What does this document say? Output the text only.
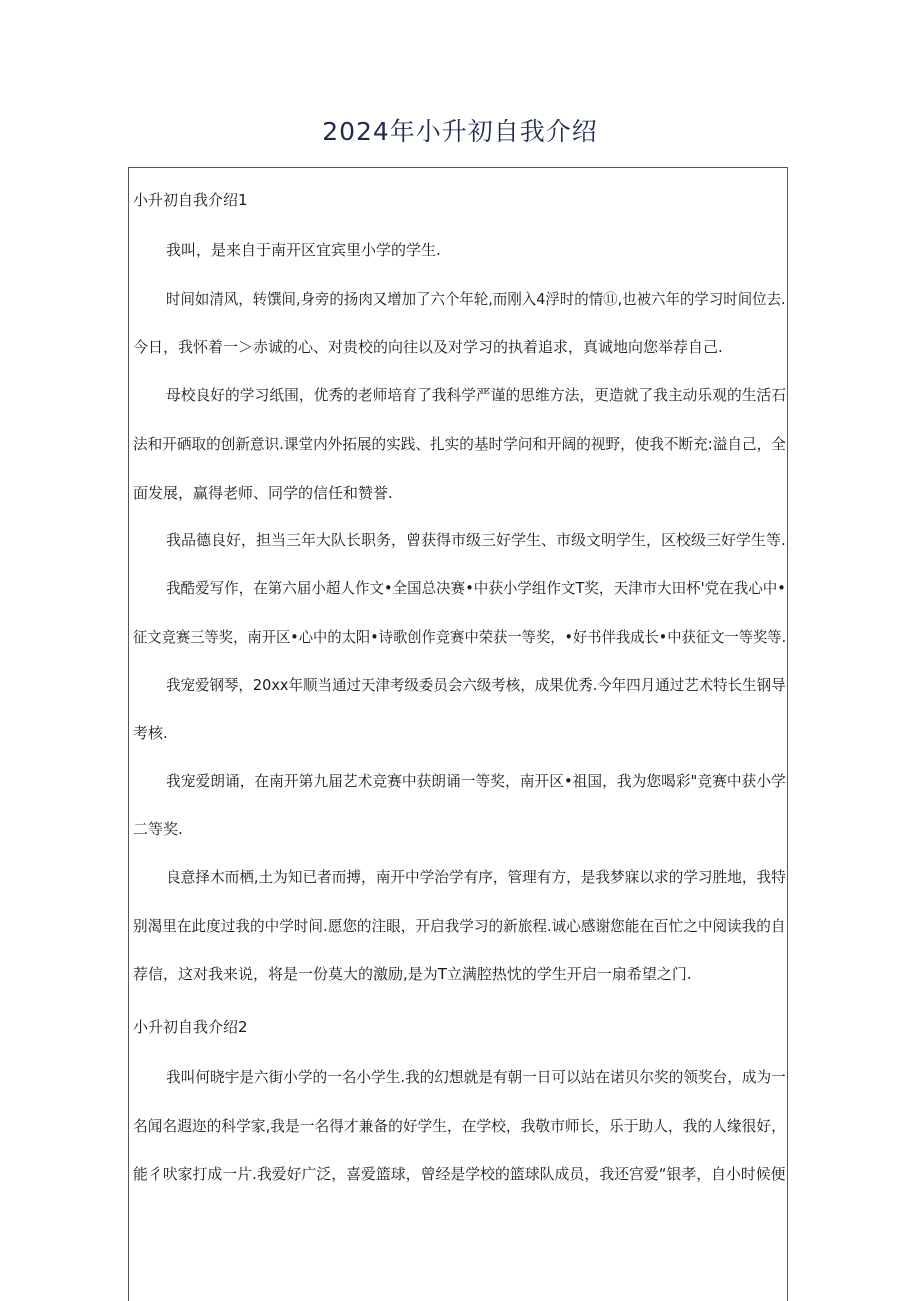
2024年小升初自我介绍
小升初自我介绍1
我叫，是来自于南开区宜宾里小学的学生.
时间如清风，转馔间,身旁的扬肉又增加了六个年轮,而刚入4浮时的情⑪,也被六年的学习时间位去.
今日，我怀着一＞赤诚的心、对贵校的向往以及对学习的执着追求，真诚地向您举荐自己.
母校良好的学习纸围，优秀的老师培育了我科学严谨的思维方法，更造就了我主动乐观的生活石
法和开硒取的创新意识.课堂内外拓展的实践、扎实的基时学问和开阔的视野，使我不断充:溢自己，全
面发展，赢得老师、同学的信任和赞誉.
我品德良好，担当三年大队长职务，曾获得市级三好学生、市级文明学生，区校级三好学生等.
我酷爱写作，在第六届小超人作文•全国总决赛•中获小学组作文T奖，天津市大田杯'党在我心中•
征文竞赛三等奖，南开区•心中的太阳•诗歌创作竞赛中荣获一等奖，•好书伴我成长•中获征文一等奖等.
我宠爱钢琴，20xx年顺当通过天津考级委员会六级考核，成果优秀.今年四月通过艺术特长生钢导
考核.
我宠爱朗诵，在南开第九届艺术竞赛中获朗诵一等奖，南开区•祖国，我为您喝彩"竞赛中获小学
二等奖.
良意择木而栖,土为知已者而搏，南开中学治学有序，管理有方，是我梦寐以求的学习胜地，我特
别渴里在此度过我的中学时间.愿您的注眼，开启我学习的新旅程.诚心感谢您能在百忙之中阅读我的自
荐信，这对我来说，将是一份莫大的激励,是为T立满腔热忱的学生开启一扇希望之门.
小升初自我介绍2
我叫何晓宇是六街小学的一名小学生.我的幻想就是有朝一日可以站在诺贝尔奖的领奖台，成为一
名闻名遐迩的科学家,我是一名得才兼备的好学生，在学校，我敬市师长，乐于助人，我的人缘很好，
能彳吠家打成一片.我爱好广泛，喜爱篮球，曾经是学校的篮球队成员，我还宫爱“银孝，自小时候便
